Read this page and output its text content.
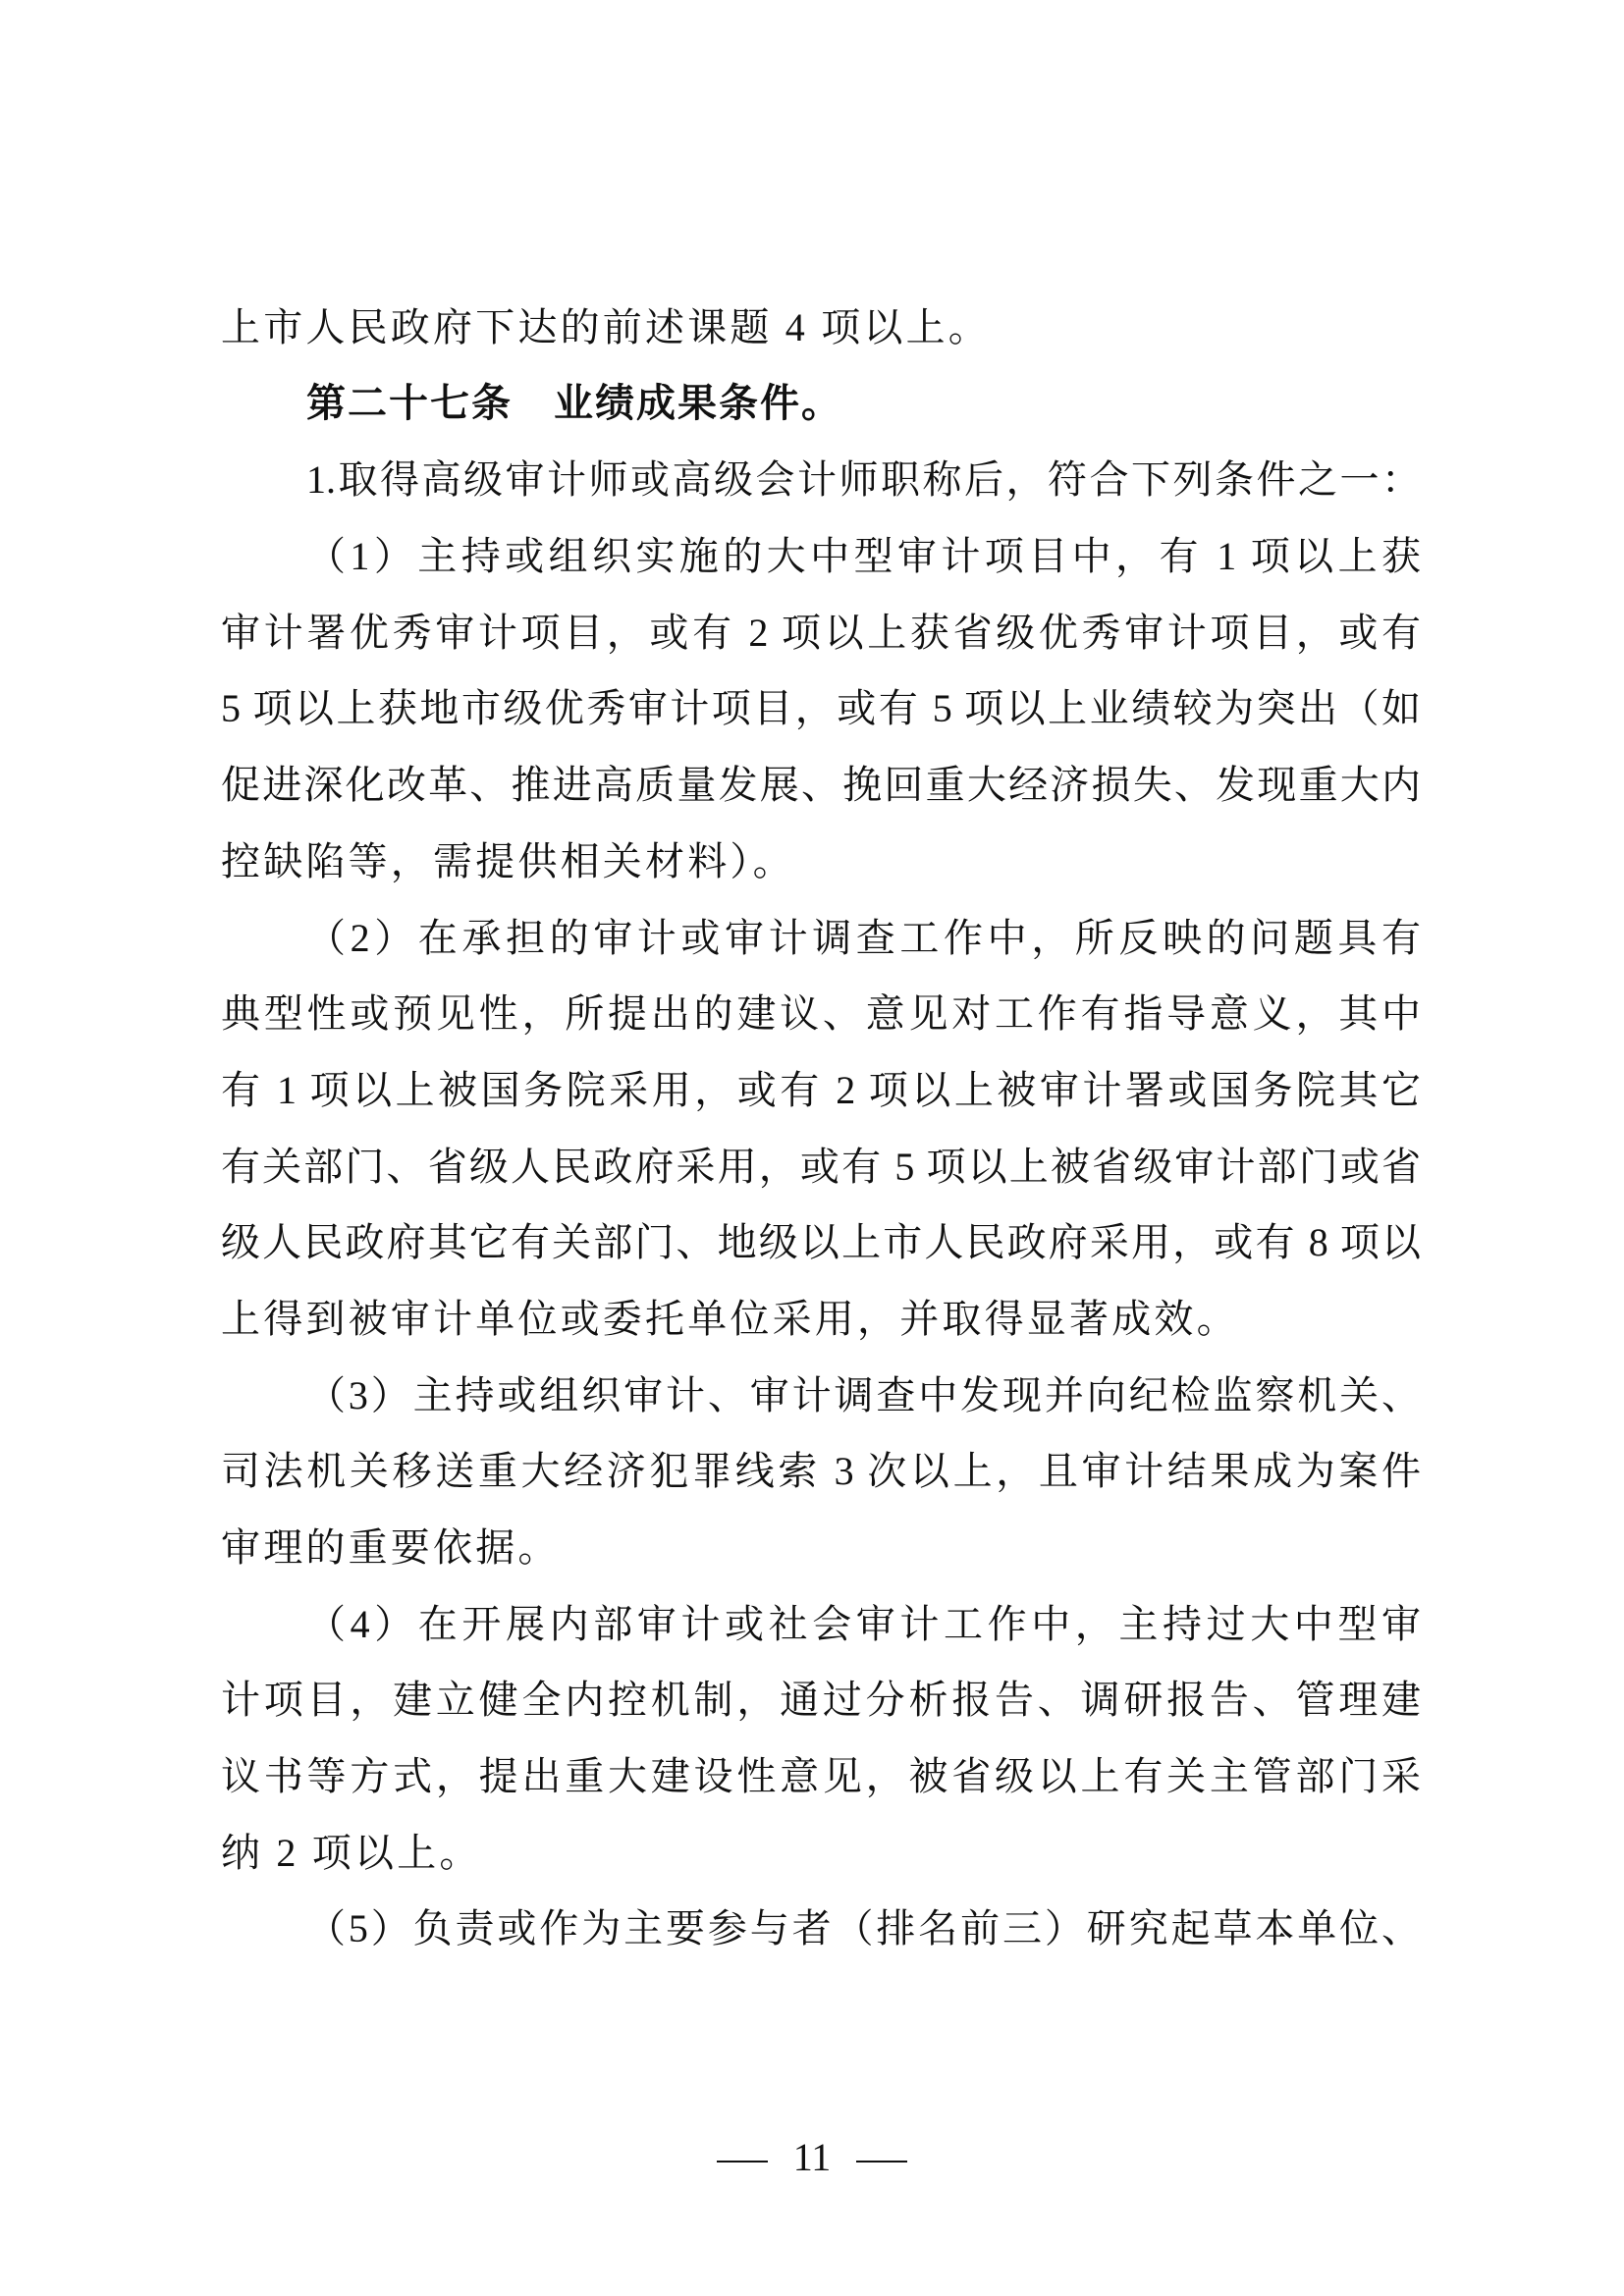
上市人民政府下达的前述课题 4 项以上。
第二十七条　业绩成果条件。
1.取得高级审计师或高级会计师职称后，符合下列条件之一：
（1）主持或组织实施的大中型审计项目中，有 1 项以上获
审计署优秀审计项目，或有 2 项以上获省级优秀审计项目，或有
5 项以上获地市级优秀审计项目，或有 5 项以上业绩较为突出（如
促进深化改革、推进高质量发展、挽回重大经济损失、发现重大内
控缺陷等，需提供相关材料）。
（2）在承担的审计或审计调查工作中，所反映的问题具有
典型性或预见性，所提出的建议、意见对工作有指导意义，其中
有 1 项以上被国务院采用，或有 2 项以上被审计署或国务院其它
有关部门、省级人民政府采用，或有 5 项以上被省级审计部门或省
级人民政府其它有关部门、地级以上市人民政府采用，或有 8 项以
上得到被审计单位或委托单位采用，并取得显著成效。
（3）主持或组织审计、审计调查中发现并向纪检监察机关、
司法机关移送重大经济犯罪线索 3 次以上，且审计结果成为案件
审理的重要依据。
（4）在开展内部审计或社会审计工作中，主持过大中型审
计项目，建立健全内控机制，通过分析报告、调研报告、管理建
议书等方式，提出重大建设性意见，被省级以上有关主管部门采
纳 2 项以上。
（5）负责或作为主要参与者（排名前三）研究起草本单位、
11
